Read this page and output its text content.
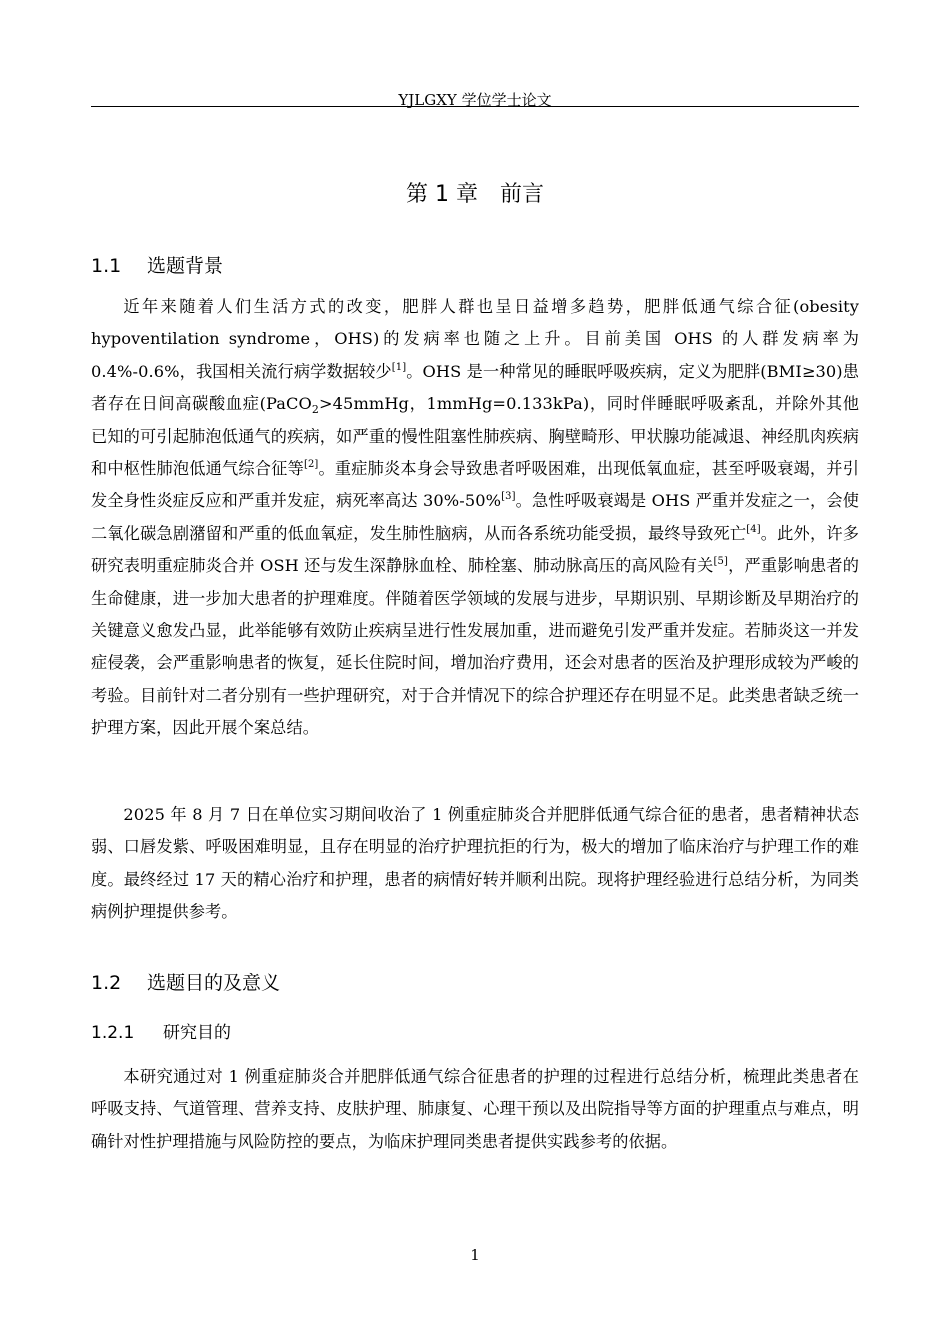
YJLGXY 学位学士论文
第 1 章　前言
1.1 选题背景

近年来随着人们生活方式的改变，肥胖人群也呈日益增多趋势，肥胖低通气综合征(obesity hypoventilation syndrome，OHS)的发病率也随之上升。目前美国 OHS 的人群发病率为 0.4%-0.6%，我国相关流行病学数据较少[1]。OHS 是一种常见的睡眠呼吸疾病，定义为肥胖(BMI≥30)患者存在日间高碳酸血症(PaCO$_2$>45mmHg，1mmHg=0.133kPa)，同时伴睡眠呼吸紊乱，并除外其他已知的可引起肺泡低通气的疾病，如严重的慢性阻塞性肺疾病、胸壁畸形、甲状腺功能减退、神经肌肉疾病和中枢性肺泡低通气综合征等[2]。重症肺炎本身会导致患者呼吸困难，出现低氧血症，甚至呼吸衰竭，并引发全身性炎症反应和严重并发症，病死率高达 30%-50%[3]。急性呼吸衰竭是 OHS 严重并发症之一，会使二氧化碳急剧潴留和严重的低血氧症，发生肺性脑病，从而各系统功能受损，最终导致死亡[4]。此外，许多研究表明重症肺炎合并 OSH 还与发生深静脉血栓、肺栓塞、肺动脉高压的高风险有关[5]，严重影响患者的生命健康，进一步加大患者的护理难度。伴随着医学领域的发展与进步，早期识别、早期诊断及早期治疗的关键意义愈发凸显，此举能够有效防止疾病呈进行性发展加重，进而避免引发严重并发症。若肺炎这一并发症侵袭，会严重影响患者的恢复，延长住院时间，增加治疗费用，还会对患者的医治及护理形成较为严峻的考验。目前针对二者分别有一些护理研究，对于合并情况下的综合护理还存在明显不足。此类患者缺乏统一护理方案，因此开展个案总结。

2025 年 8 月 7 日在单位实习期间收治了 1 例重症肺炎合并肥胖低通气综合征的患者，患者精神状态弱、口唇发紫、呼吸困难明显，且存在明显的治疗护理抗拒的行为，极大的增加了临床治疗与护理工作的难度。最终经过 17 天的精心治疗和护理，患者的病情好转并顺利出院。现将护理经验进行总结分析，为同类病例护理提供参考。

1.2 选题目的及意义
1.2.1 研究目的

本研究通过对 1 例重症肺炎合并肥胖低通气综合征患者的护理的过程进行总结分析，梳理此类患者在呼吸支持、气道管理、营养支持、皮肤护理、肺康复、心理干预以及出院指导等方面的护理重点与难点，明确针对性护理措施与风险防控的要点，为临床护理同类患者提供实践参考的依据。

1
